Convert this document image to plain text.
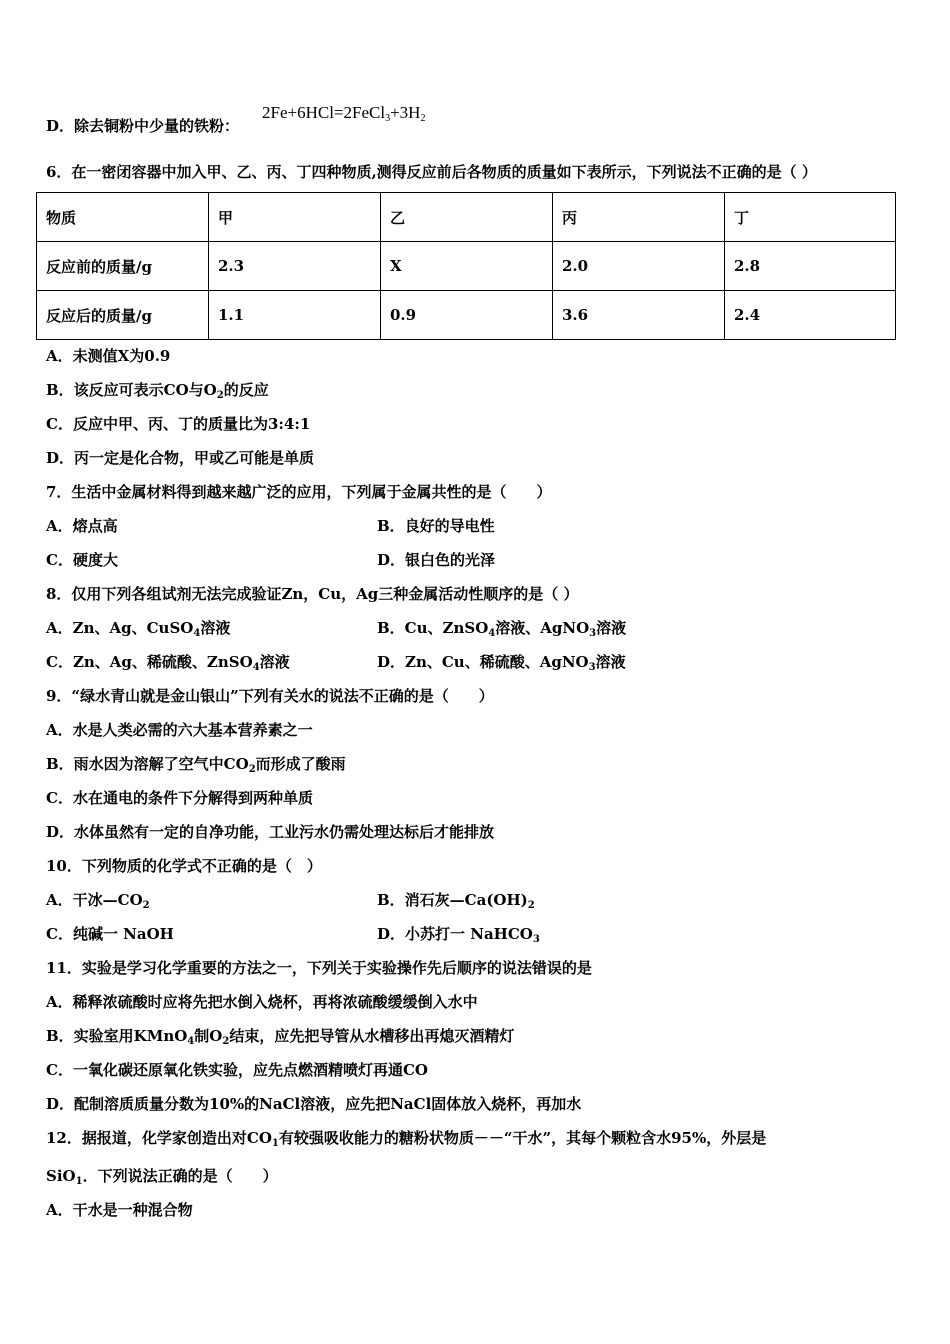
D．除去铜粉中少量的铁粉：
$2Fe+6HCl=2FeCl_3+3H_2$
6．在一密闭容器中加入甲、乙、丙、丁四种物质,测得反应前后各物质的质量如下表所示，下列说法不正确的是（ ）
物质	甲	乙	丙	丁
反应前的质量/g	2.3	X	2.0	2.8
反应后的质量/g	1.1	0.9	3.6	2.4
A．未测值X为0.9
B．该反应可表示CO与$O_2$的反应
C．反应中甲、丙、丁的质量比为3:4:1
D．丙一定是化合物，甲或乙可能是单质
7．生活中金属材料得到越来越广泛的应用，下列属于金属共性的是（　　）
A．熔点高	B．良好的导电性
C．硬度大	D．银白色的光泽
8．仅用下列各组试剂无法完成验证Zn，Cu，Ag三种金属活动性顺序的是（ ）
A．Zn、Ag、CuSO$_4$溶液	B．Cu、ZnSO$_4$溶液、AgNO$_3$溶液
C．Zn、Ag、稀硫酸、ZnSO$_4$溶液	D．Zn、Cu、稀硫酸、AgNO$_3$溶液
9．“绿水青山就是金山银山”下列有关水的说法不正确的是（　　）
A．水是人类必需的六大基本营养素之一
B．雨水因为溶解了空气中$CO_2$而形成了酸雨
C．水在通电的条件下分解得到两种单质
D．水体虽然有一定的自净功能，工业污水仍需处理达标后才能排放
10．下列物质的化学式不正确的是（　）
A．干冰$—CO_2$	B．消石灰$—Ca(OH)_2$
C．纯碱一 NaOH	D．小苏打一 NaHCO$_3$
11．实验是学习化学重要的方法之一，下列关于实验操作先后顺序的说法错误的是
A．稀释浓硫酸时应将先把水倒入烧杯，再将浓硫酸缓缓倒入水中
B．实验室用KMnO$_4$制$O_2$结束，应先把导管从水槽移出再熄灭酒精灯
C．一氧化碳还原氧化铁实验，应先点燃酒精喷灯再通CO
D．配制溶质质量分数为10%的NaCl溶液，应先把NaCl固体放入烧杯，再加水
12．据报道，化学家创造出对$CO_1$有较强吸收能力的糖粉状物质－－“干水”，其每个颗粒含水95%，外层是
SiO$_1$．下列说法正确的是（　　）
A．干水是一种混合物
